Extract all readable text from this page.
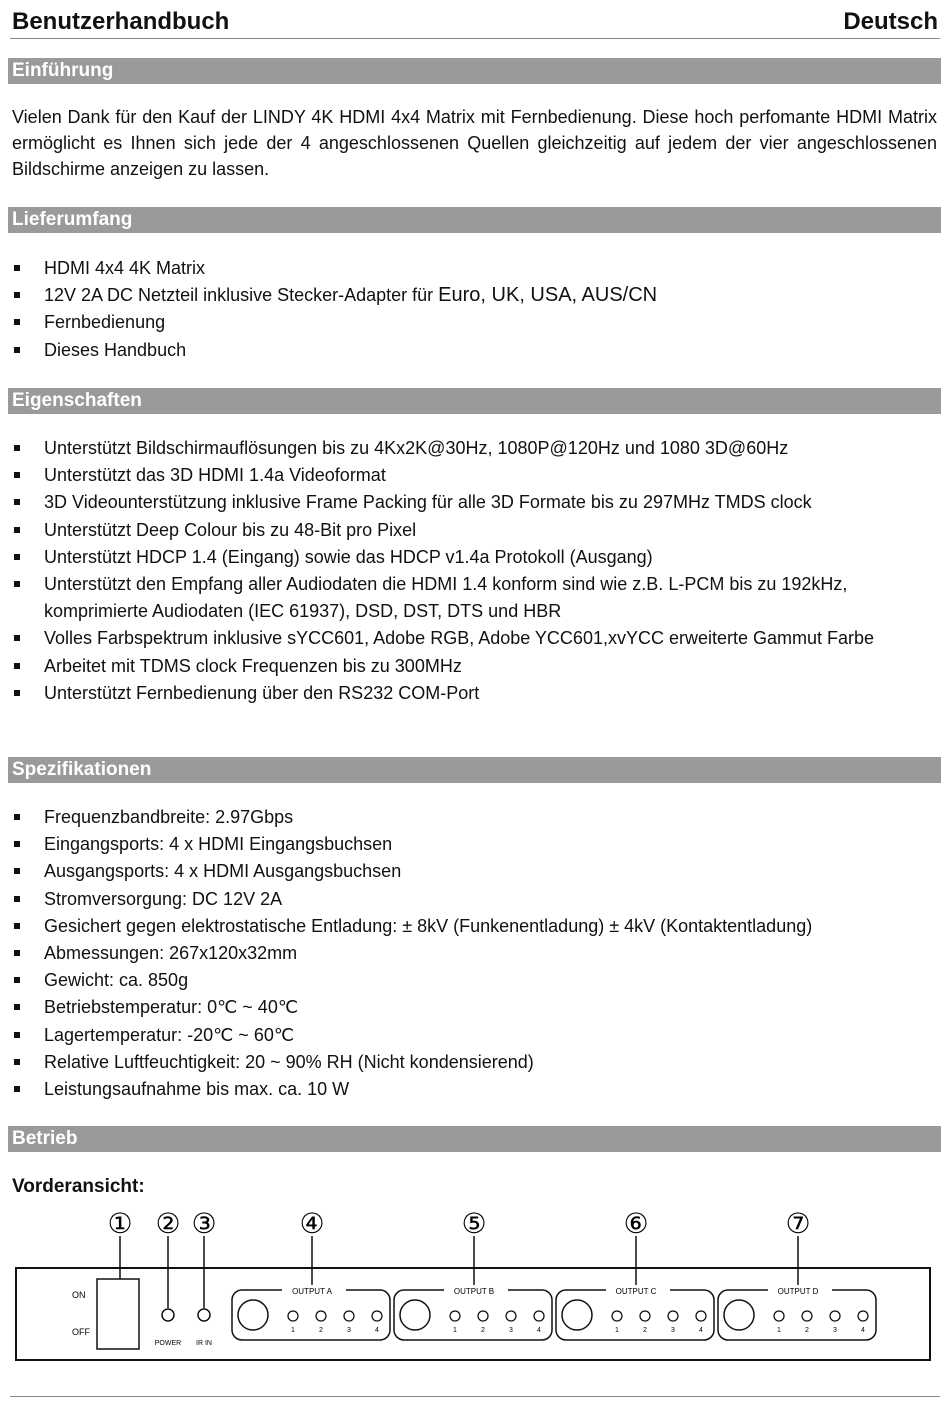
Benutzerhandbuch	Deutsch
Einführung
Vielen Dank für den Kauf der LINDY 4K HDMI 4x4 Matrix mit Fernbedienung. Diese hoch perfomante HDMI Matrix ermöglicht es Ihnen sich jede der 4 angeschlossenen Quellen gleichzeitig auf jedem der vier angeschlossenen Bildschirme anzeigen zu lassen.
Lieferumfang
HDMI 4x4 4K Matrix
12V 2A DC Netzteil inklusive Stecker-Adapter für Euro, UK, USA, AUS/CN
Fernbedienung
Dieses Handbuch
Eigenschaften
Unterstützt Bildschirmauflösungen bis zu 4Kx2K@30Hz, 1080P@120Hz und 1080 3D@60Hz
Unterstützt das 3D HDMI 1.4a Videoformat
3D Videounterstützung inklusive Frame Packing für alle 3D Formate bis zu 297MHz TMDS clock
Unterstützt Deep Colour bis zu 48-Bit pro Pixel
Unterstützt HDCP 1.4 (Eingang) sowie das HDCP v1.4a Protokoll (Ausgang)
Unterstützt den Empfang aller Audiodaten die HDMI 1.4 konform sind wie z.B. L-PCM bis zu 192kHz, komprimierte Audiodaten (IEC 61937), DSD, DST, DTS und HBR
Volles Farbspektrum inklusive sYCC601, Adobe RGB, Adobe YCC601,xvYCC erweiterte Gammut Farbe
Arbeitet mit TDMS clock Frequenzen bis zu 300MHz
Unterstützt Fernbedienung über den RS232 COM-Port
Spezifikationen
Frequenzbandbreite: 2.97Gbps
Eingangsports: 4 x HDMI Eingangsbuchsen
Ausgangsports: 4 x HDMI Ausgangsbuchsen
Stromversorgung: DC 12V 2A
Gesichert gegen elektrostatische Entladung: ± 8kV (Funkenentladung) ± 4kV (Kontaktentladung)
Abmessungen: 267x120x32mm
Gewicht: ca. 850g
Betriebstemperatur: 0℃ ~ 40℃
Lagertemperatur: -20℃ ~ 60℃
Relative Luftfeuchtigkeit: 20 ~ 90% RH (Nicht kondensierend)
Leistungsaufnahme bis max. ca. 10 W
Betrieb
Vorderansicht:
① ② ③	④	⑤	⑥	⑦
ON
OFF
POWER IR IN
OUTPUT A
1	2	3	4
OUTPUT B
1	2	3	4
OUTPUT C
1	2	3	4
OUTPUT D
1	2	3	4
